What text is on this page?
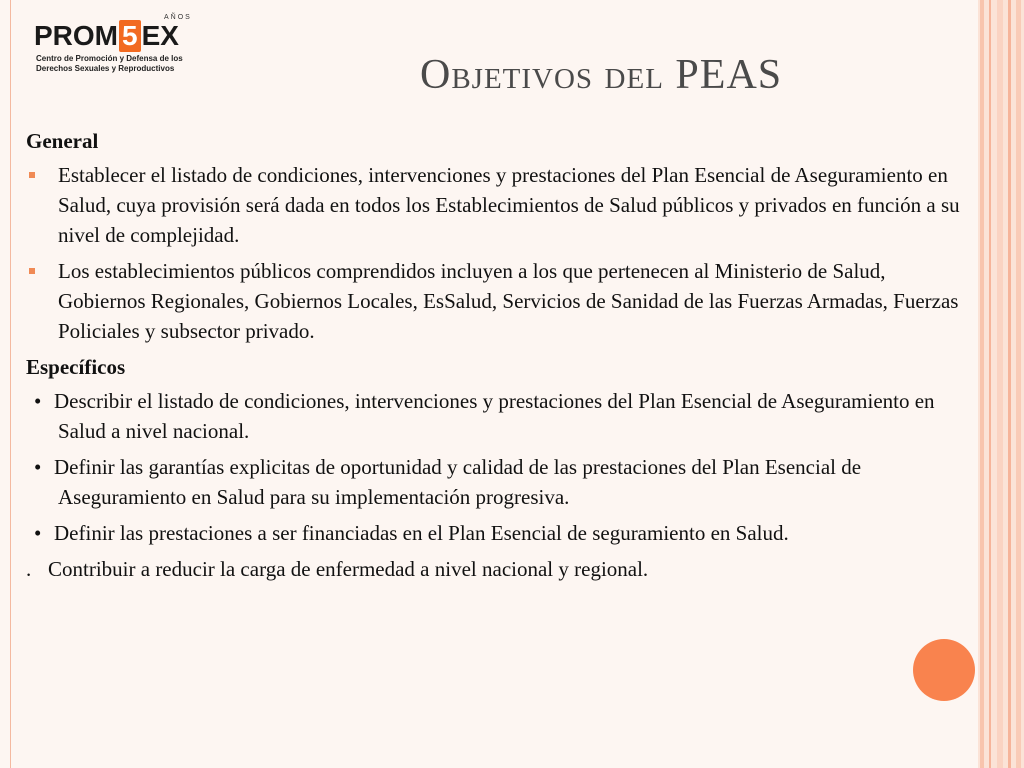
AÑOS
PROM 5 EX
Centro de Promoción y Defensa de los
Derechos Sexuales y Reproductivos	Objetivos del PEAS
General
Establecer el listado de condiciones, intervenciones y prestaciones del Plan Esencial de Aseguramiento en Salud, cuya provisión será dada en todos los Establecimientos de Salud públicos y privados en función a su nivel de complejidad.
Los establecimientos públicos comprendidos incluyen a los que pertenecen al Ministerio de Salud, Gobiernos Regionales, Gobiernos Locales, EsSalud, Servicios de Sanidad de las Fuerzas Armadas, Fuerzas Policiales y subsector privado.
Específicos
• Describir el listado de condiciones, intervenciones y prestaciones del Plan Esencial de Aseguramiento en Salud a nivel nacional.
• Definir las garantías explicitas de oportunidad y calidad de las prestaciones del Plan Esencial de Aseguramiento en Salud para su implementación progresiva.
• Definir las prestaciones a ser financiadas en el Plan Esencial de seguramiento en Salud.
. Contribuir a reducir la carga de enfermedad a nivel nacional y regional.
